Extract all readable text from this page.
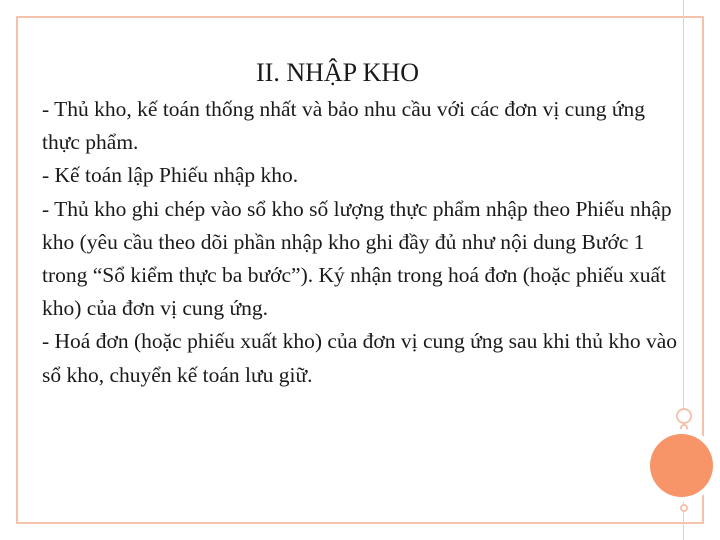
II. NHẬP KHO

- Thủ kho, kế toán thống nhất và bảo nhu cầu với các đơn vị cung ứng thực phẩm.

- Kế toán lập Phiếu nhập kho.

- Thủ kho ghi chép vào sổ kho số lượng thực phẩm nhập theo Phiếu nhập kho (yêu cầu theo dõi phần nhập kho ghi đầy đủ như nội dung Bước 1 trong “Sổ kiểm thực ba bước”). Ký nhận trong hoá đơn (hoặc phiếu xuất kho) của đơn vị cung ứng.

- Hoá đơn (hoặc phiếu xuất kho) của đơn vị cung ứng sau khi thủ kho vào sổ kho, chuyển kế toán lưu giữ.
